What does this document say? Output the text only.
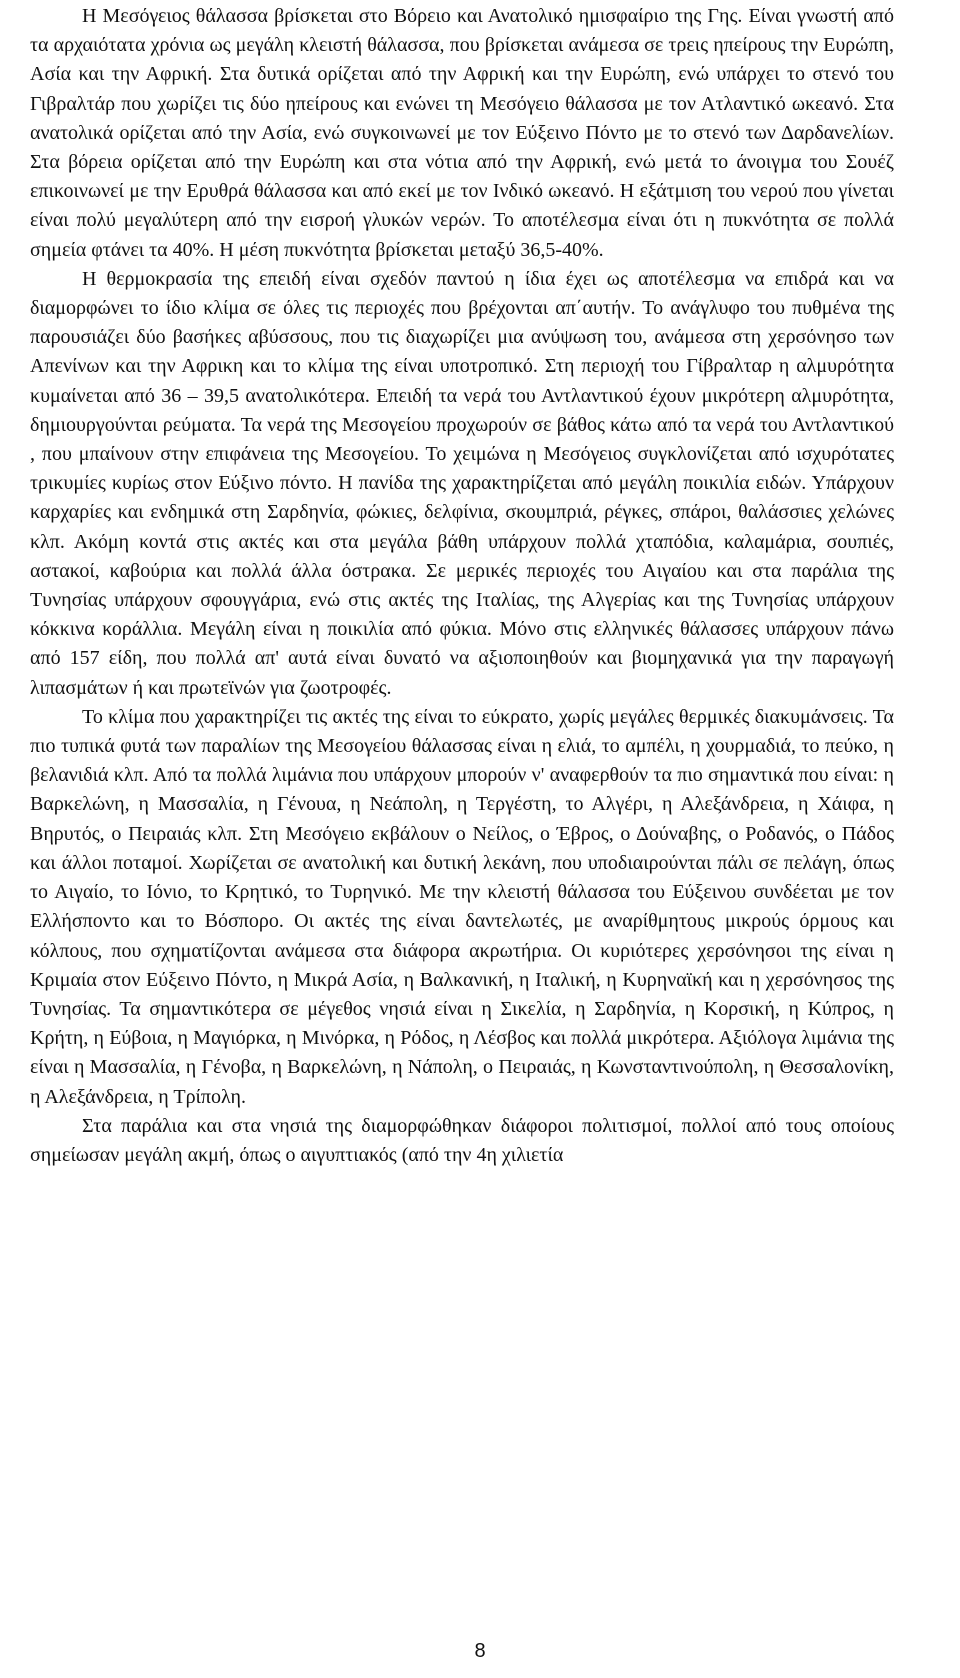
Η Μεσόγειος θάλασσα βρίσκεται στο Βόρειο και Ανατολικό ημισφαίριο της Γης. Είναι γνωστή από τα αρχαιότατα χρόνια ως μεγάλη κλειστή θάλασσα, που βρίσκεται ανάμεσα σε τρεις ηπείρους την Ευρώπη, Ασία και την Αφρική. Στα δυτικά ορίζεται από την Αφρική και την Ευρώπη, ενώ υπάρχει το στενό του Γιβραλτάρ που χωρίζει τις δύο ηπείρους και ενώνει τη Μεσόγειο θάλασσα με τον Ατλαντικό ωκεανό. Στα ανατολικά ορίζεται από την Ασία, ενώ συγκοινωνεί με τον Εύξεινο Πόντο με το στενό των Δαρδανελίων. Στα βόρεια ορίζεται από την Ευρώπη και στα νότια από την Αφρική, ενώ μετά το άνοιγμα του Σουέζ επικοινωνεί με την Ερυθρά θάλασσα και από εκεί με τον Ινδικό ωκεανό. Η εξάτμιση του νερού που γίνεται είναι πολύ μεγαλύτερη από την εισροή γλυκών νερών. Το αποτέλεσμα είναι ότι η πυκνότητα σε πολλά σημεία φτάνει τα 40%. Η μέση πυκνότητα βρίσκεται μεταξύ 36,5-40%.

Η θερμοκρασία της επειδή είναι σχεδόν παντού η ίδια έχει ως αποτέλεσμα να επιδρά και να διαμορφώνει το ίδιο κλίμα σε όλες τις περιοχές που βρέχονται απ΄αυτήν. Το ανάγλυφο του πυθμένα της παρουσιάζει δύο βασήκες αβύσσους, που τις διαχωρίζει μια ανύψωση του, ανάμεσα στη χερσόνησο των Απενίνων και την Αφρικη και το κλίμα της είναι υποτροπικό. Στη περιοχή του Γίβραλταρ η αλμυρότητα κυμαίνεται από 36 – 39,5 ανατολικότερα. Επειδή τα νερά του Αντλαντικού έχουν μικρότερη αλμυρότητα, δημιουργούνται ρεύματα. Τα νερά της Μεσογείου προχωρούν σε βάθος κάτω από τα νερά του Αντλαντικού , που μπαίνουν στην επιφάνεια της Μεσογείου. Το χειμώνα η Μεσόγειος συγκλονίζεται από ισχυρότατες τρικυμίες κυρίως στον Εύξινο πόντο. Η πανίδα της χαρακτηρίζεται από μεγάλη ποικιλία ειδών. Υπάρχουν καρχαρίες και ενδημικά στη Σαρδηνία, φώκιες, δελφίνια, σκουμπριά, ρέγκες, σπάροι, θαλάσσιες χελώνες κλπ. Ακόμη κοντά στις ακτές και στα μεγάλα βάθη υπάρχουν πολλά χταπόδια, καλαμάρια, σουπιές, αστακοί, καβούρια και πολλά άλλα όστρακα. Σε μερικές περιοχές του Αιγαίου και στα παράλια της Τυνησίας υπάρχουν σφουγγάρια, ενώ στις ακτές της Ιταλίας, της Αλγερίας και της Τυνησίας υπάρχουν κόκκινα κοράλλια. Μεγάλη είναι η ποικιλία από φύκια. Μόνο στις ελληνικές θάλασσες υπάρχουν πάνω από 157 είδη, που πολλά απ' αυτά είναι δυνατό να αξιοποιηθούν και βιομηχανικά για την παραγωγή λιπασμάτων ή και πρωτεϊνών για ζωοτροφές.

Το κλίμα που χαρακτηρίζει τις ακτές της είναι το εύκρατο, χωρίς μεγάλες θερμικές διακυμάνσεις. Τα πιο τυπικά φυτά των παραλίων της Μεσογείου θάλασσας είναι η ελιά, το αμπέλι, η χουρμαδιά, το πεύκο, η βελανιδιά κλπ. Από τα πολλά λιμάνια που υπάρχουν μπορούν ν' αναφερθούν τα πιο σημαντικά που είναι: η Βαρκελώνη, η Μασσαλία, η Γένουα, η Νεάπολη, η Τεργέστη, το Αλγέρι, η Αλεξάνδρεια, η Χάιφα, η Βηρυτός, ο Πειραιάς κλπ. Στη Μεσόγειο εκβάλουν ο Νείλος, ο Έβρος, ο Δούναβης, ο Ροδανός, ο Πάδος και άλλοι ποταμοί. Χωρίζεται σε ανατολική και δυτική λεκάνη, που υποδιαιρούνται πάλι σε πελάγη, όπως το Αιγαίο, το Ιόνιο, το Κρητικό, το Τυρηνικό. Με την κλειστή θάλασσα του Εύξεινου συνδέεται με τον Ελλήσποντο και το Βόσπορο. Οι ακτές της είναι δαντελωτές, με αναρίθμητους μικρούς όρμους και κόλπους, που σχηματίζονται ανάμεσα στα διάφορα ακρωτήρια. Οι κυριότερες χερσόνησοι της είναι η Κριμαία στον Εύξεινο Πόντο, η Μικρά Ασία, η Βαλκανική, η Ιταλική, η Κυρηναϊκή και η χερσόνησος της Τυνησίας. Τα σημαντικότερα σε μέγεθος νησιά είναι η Σικελία, η Σαρδηνία, η Κορσική, η Κύπρος, η Κρήτη, η Εύβοια, η Μαγιόρκα, η Μινόρκα, η Ρόδος, η Λέσβος και πολλά μικρότερα. Αξιόλογα λιμάνια της είναι η Μασσαλία, η Γένοβα, η Βαρκελώνη, η Νάπολη, ο Πειραιάς, η Κωνσταντινούπολη, η Θεσσαλονίκη, η Αλεξάνδρεια, η Τρίπολη.

Στα παράλια και στα νησιά της διαμορφώθηκαν διάφοροι πολιτισμοί, πολλοί από τους οποίους σημείωσαν μεγάλη ακμή, όπως ο αιγυπτιακός (από την 4η χιλιετία

8
